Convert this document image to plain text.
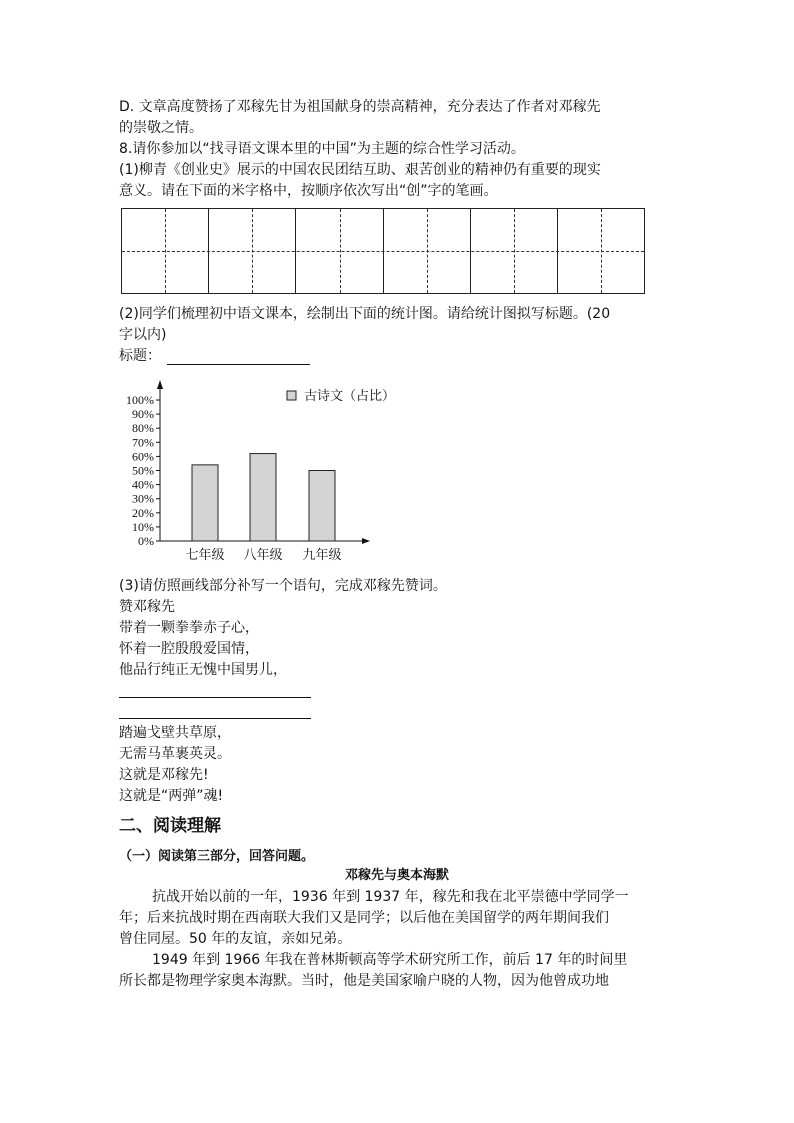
D. 文章高度赞扬了邓稼先甘为祖国献身的崇高精神，充分表达了作者对邓稼先
的崇敬之情。
8.请你参加以“找寻语文课本里的中国”为主题的综合性学习活动。
(1)柳青《创业史》展示的中国农民团结互助、艰苦创业的精神仍有重要的现实
意义。请在下面的米字格中，按顺序依次写出“创”字的笔画。
(2)同学们梳理初中语文课本，绘制出下面的统计图。请给统计图拟写标题。(20
字以内)
标题：
0%
10%
20%
30%
40%
50%
60%
70%
80%
90%
100%
七年级 八年级 九年级
古诗文（占比）
(3)请仿照画线部分补写一个语句，完成邓稼先赞词。
赞邓稼先
带着一颗拳拳赤子心，
怀着一腔殷殷爱国情，
他品行纯正无愧中国男儿，
踏遍戈壁共草原，
无需马革裹英灵。
这就是邓稼先!
这就是“两弹”魂!
二、阅读理解
（一）阅读第三部分，回答问题。
邓稼先与奥本海默
抗战开始以前的一年，1936 年到 1937 年，稼先和我在北平崇德中学同学一
年；后来抗战时期在西南联大我们又是同学；以后他在美国留学的两年期间我们
曾住同屋。50 年的友谊，亲如兄弟。
1949 年到 1966 年我在普林斯顿高等学术研究所工作，前后 17 年的时间里
所长都是物理学家奥本海默。当时，他是美国家喻户晓的人物，因为他曾成功地
